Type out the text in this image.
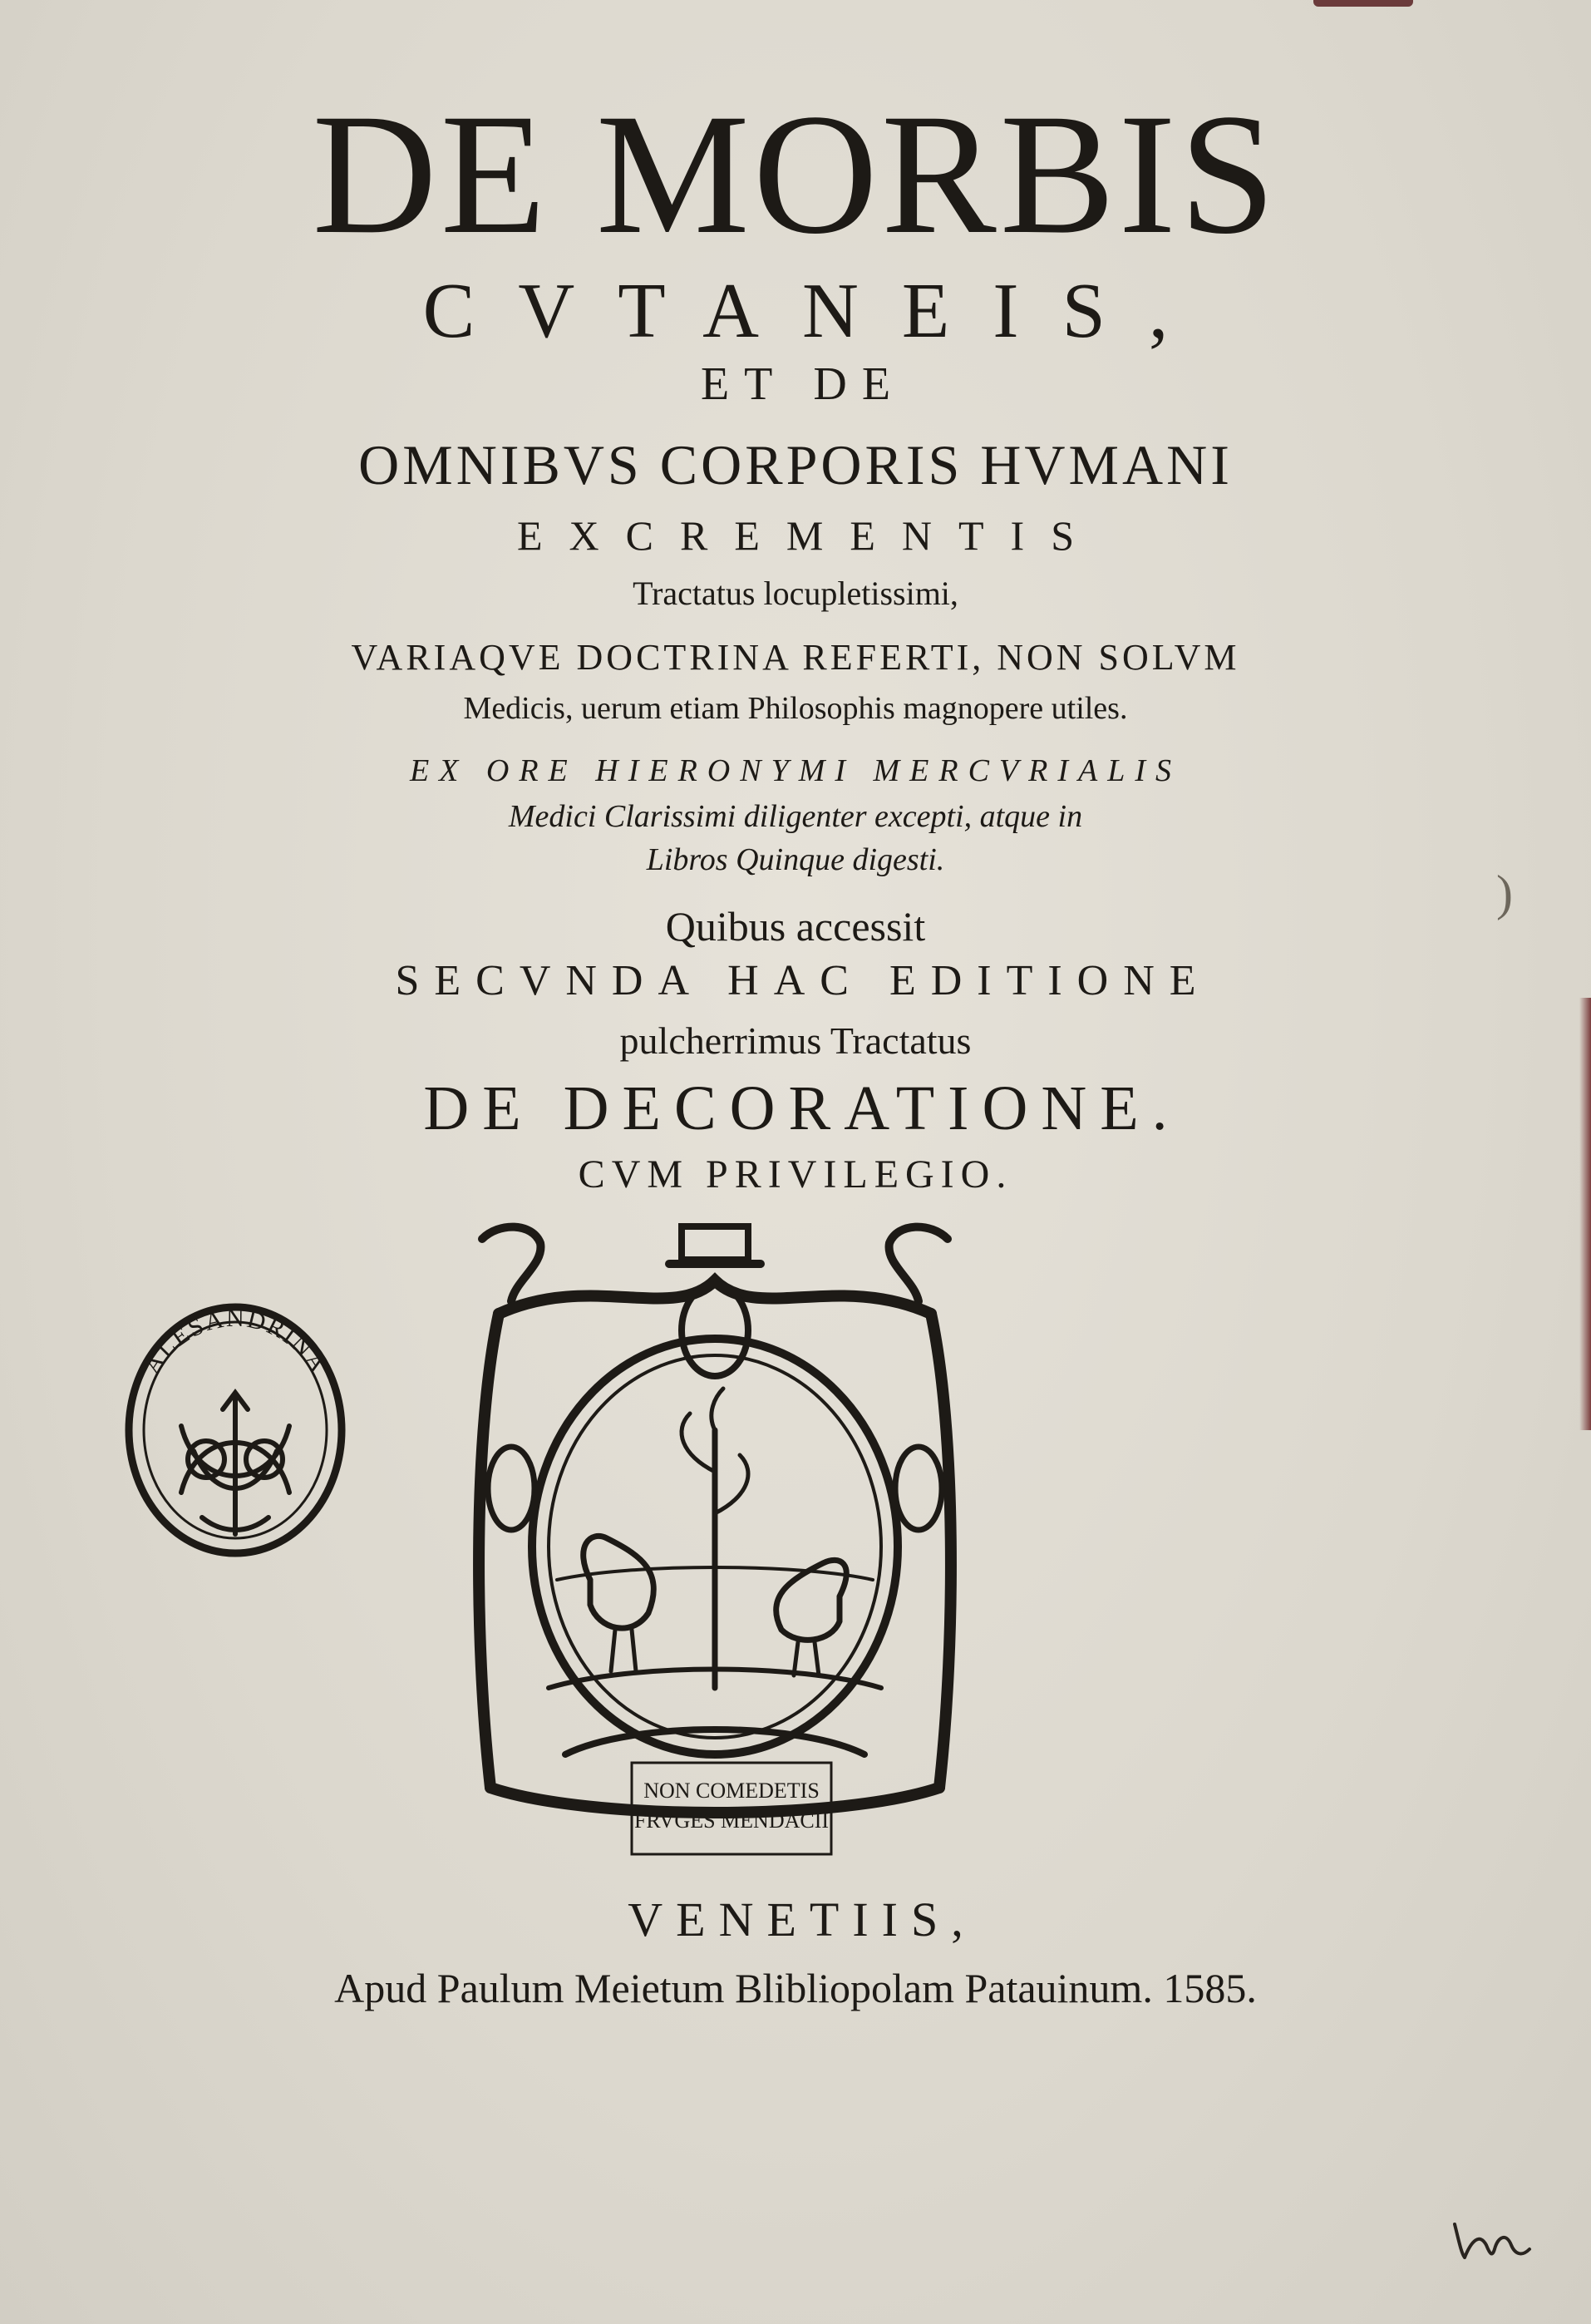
DE MORBIS

CVTANEIS,

ET DE

OMNIBVS CORPORIS HVMANI

EXCREMENTIS

Tractatus locupletissimi,

VARIAQVE DOCTRINA REFERTI, NON SOLVM

Medicis, uerum etiam Philosophis magnopere utiles.

EX ORE HIERONYMI MERCVRIALIS

Medici Clarissimi diligenter excepti, atque in

Libros Quinque digesti.

Quibus accessit

SECVNDA HAC EDITIONE

pulcherrimus Tractatus

DE DECORATIONE.

CVM PRIVILEGIO.

)
ALESANDRINA
NON COMEDETIS
FRVGES MENDACII

VENETIIS,

Apud Paulum Meietum Blibliopolam Patauinum. 1585.
